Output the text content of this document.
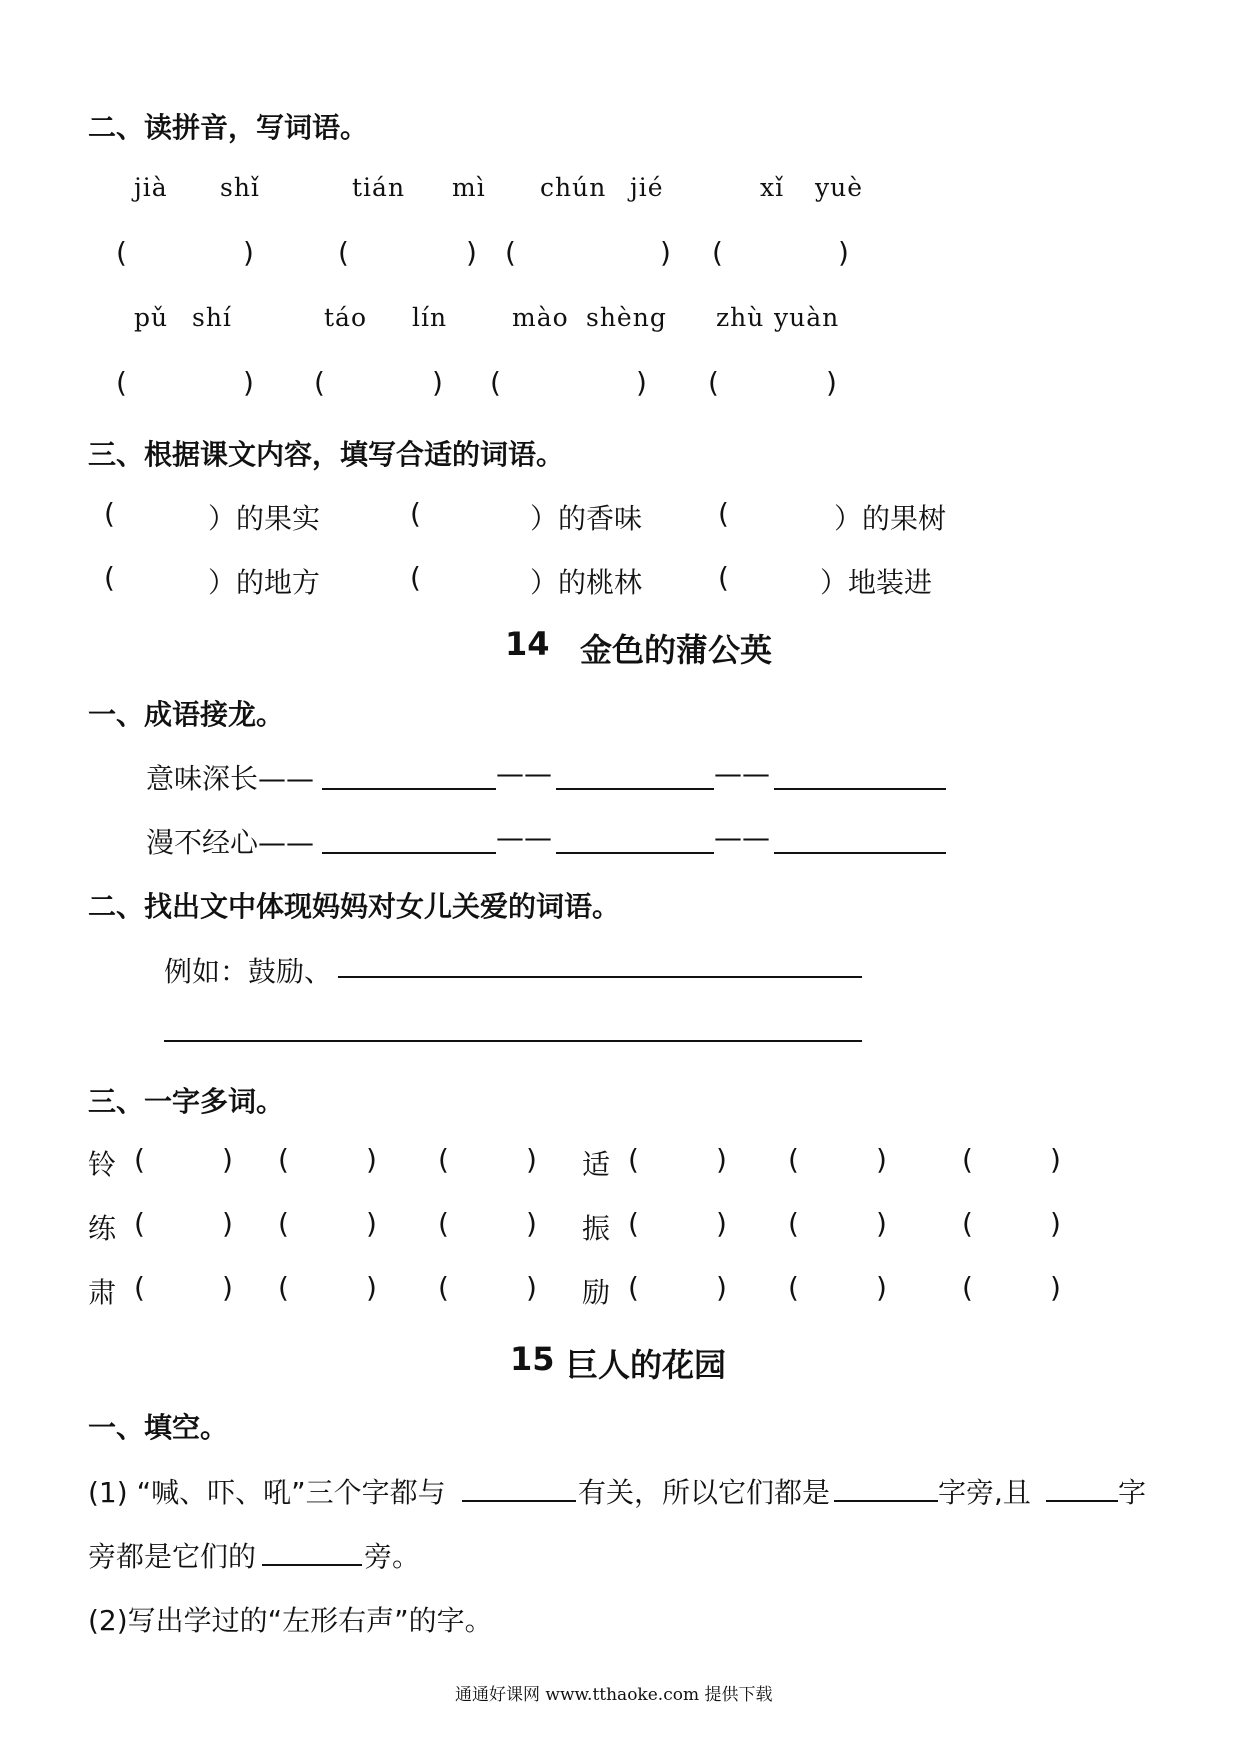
二、读拼音，写词语。
jià shǐ	tián mì chún jié	xǐ yuè
(	)	(	) (	) (	)
pǔ shí	táo lín	mào shèng zhù yuàn
(	) (	) (	) (	)
三、根据课文内容，填写合适的词语。
(	）的果实	(	）的香味	(	）的果树
(	）的地方	(	）的桃林	(	）地装进
14 金色的蒲公英
一、成语接龙。
意味深长——	——	——
漫不经心——	——	——
二、找出文中体现妈妈对女儿关爱的词语。
例如：鼓励、
三、一字多词。
铃 (	) (	) (	) 适 (	) (	)	(	)
练 (	) (	) (	) 振 (	) (	)	(	)
肃 (	) (	) (	) 励 (	) (	)	(	)
15 巨人的花园
一、填空。
(1) “喊、吓、吼”三个字都与	有关，所以它们都是	字旁,且	字
旁都是它们的	旁。
(2)写出学过的“左形右声”的字。
通通好课网 www.tthaoke.com 提供下载
